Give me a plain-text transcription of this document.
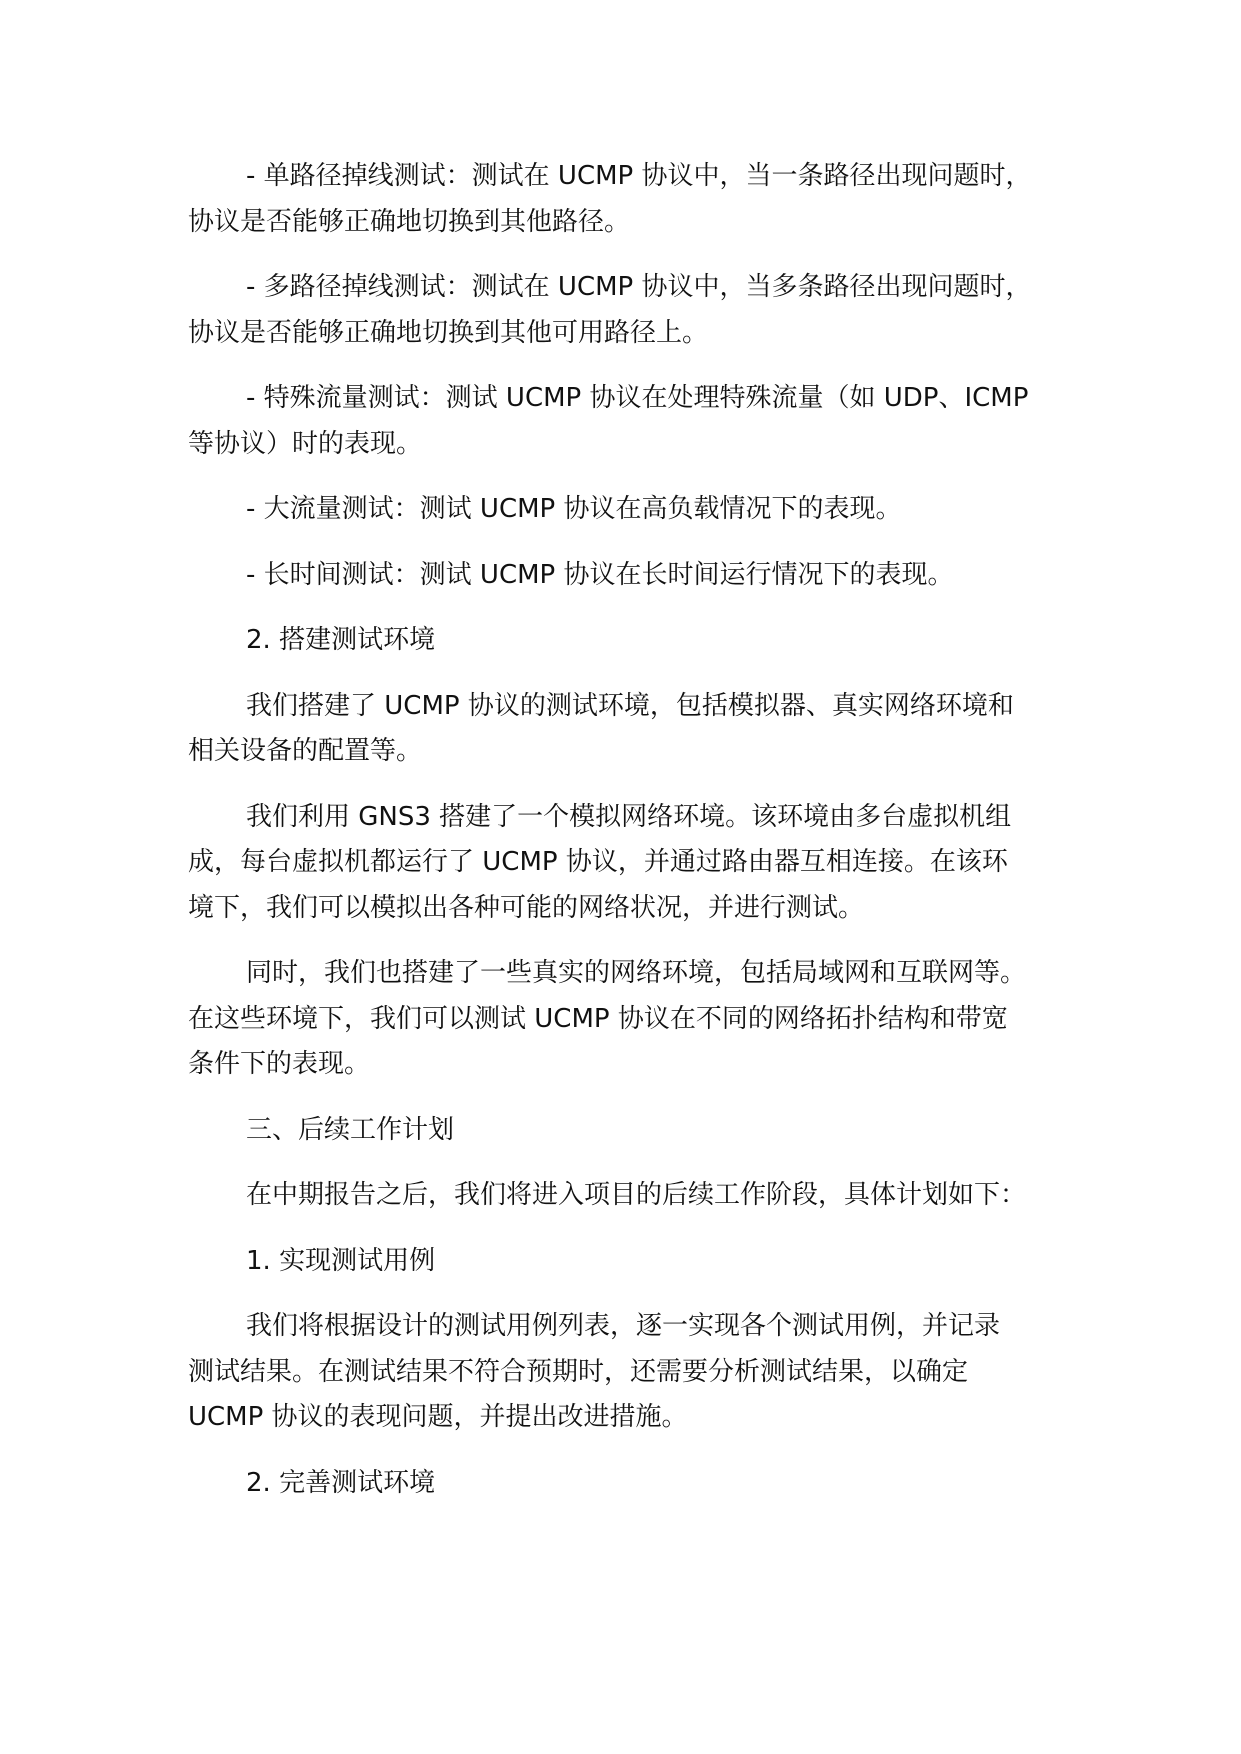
- 单路径掉线测试：测试在 UCMP 协议中，当一条路径出现问题时，
协议是否能够正确地切换到其他路径。

- 多路径掉线测试：测试在 UCMP 协议中，当多条路径出现问题时，
协议是否能够正确地切换到其他可用路径上。

- 特殊流量测试：测试 UCMP 协议在处理特殊流量（如 UDP、ICMP
等协议）时的表现。

- 大流量测试：测试 UCMP 协议在高负载情况下的表现。

- 长时间测试：测试 UCMP 协议在长时间运行情况下的表现。

2. 搭建测试环境

我们搭建了 UCMP 协议的测试环境，包括模拟器、真实网络环境和
相关设备的配置等。

我们利用 GNS3 搭建了一个模拟网络环境。该环境由多台虚拟机组
成，每台虚拟机都运行了 UCMP 协议，并通过路由器互相连接。在该环
境下，我们可以模拟出各种可能的网络状况，并进行测试。

同时，我们也搭建了一些真实的网络环境，包括局域网和互联网等。
在这些环境下，我们可以测试 UCMP 协议在不同的网络拓扑结构和带宽
条件下的表现。

三、后续工作计划

在中期报告之后，我们将进入项目的后续工作阶段，具体计划如下：

1. 实现测试用例

我们将根据设计的测试用例列表，逐一实现各个测试用例，并记录
测试结果。在测试结果不符合预期时，还需要分析测试结果，以确定
UCMP 协议的表现问题，并提出改进措施。

2. 完善测试环境
